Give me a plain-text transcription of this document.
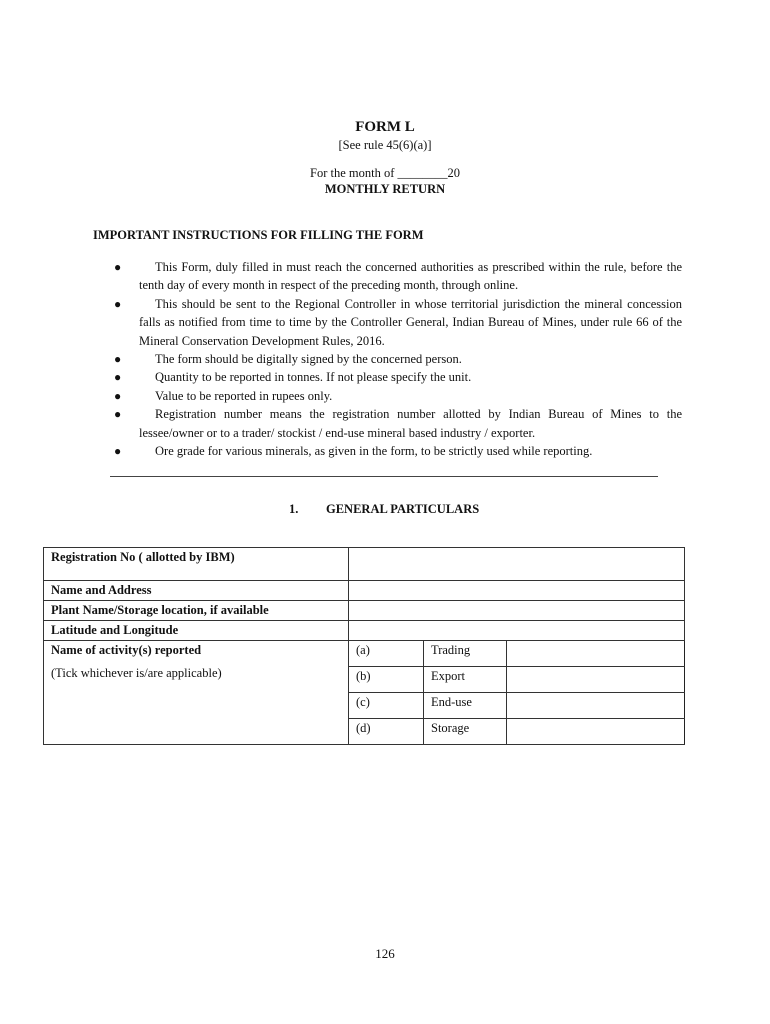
FORM L
[See rule 45(6)(a)]
For the month of ________20
MONTHLY RETURN
IMPORTANT INSTRUCTIONS FOR FILLING THE FORM
●	This Form, duly filled in must reach the concerned authorities as prescribed within the rule, before the tenth day of every month in respect of the preceding month, through online.
●	This should be sent to the Regional Controller in whose territorial jurisdiction the mineral concession falls as notified from time to time by the Controller General, Indian Bureau of Mines, under rule 66 of the Mineral Conservation Development Rules, 2016.
●	The form should be digitally signed by the concerned person.
●	Quantity to be reported in tonnes. If not please specify the unit.
●	Value to be reported in rupees only.
●	Registration number means the registration number allotted by Indian Bureau of Mines to the lessee/owner or to a trader/ stockist / end-use mineral based industry / exporter.
●	Ore grade for various minerals, as given in the form, to be strictly used while reporting.
1. GENERAL PARTICULARS
Registration No ( allotted by IBM)			
Name and Address			
Plant Name/Storage location, if available			
Latitude and Longitude			

Name of activity(s) reported
(Tick whichever is/are applicable)	(a)	Trading	
	(b)	Export	
	(c)	End-use	
	(d)	Storage	
126
